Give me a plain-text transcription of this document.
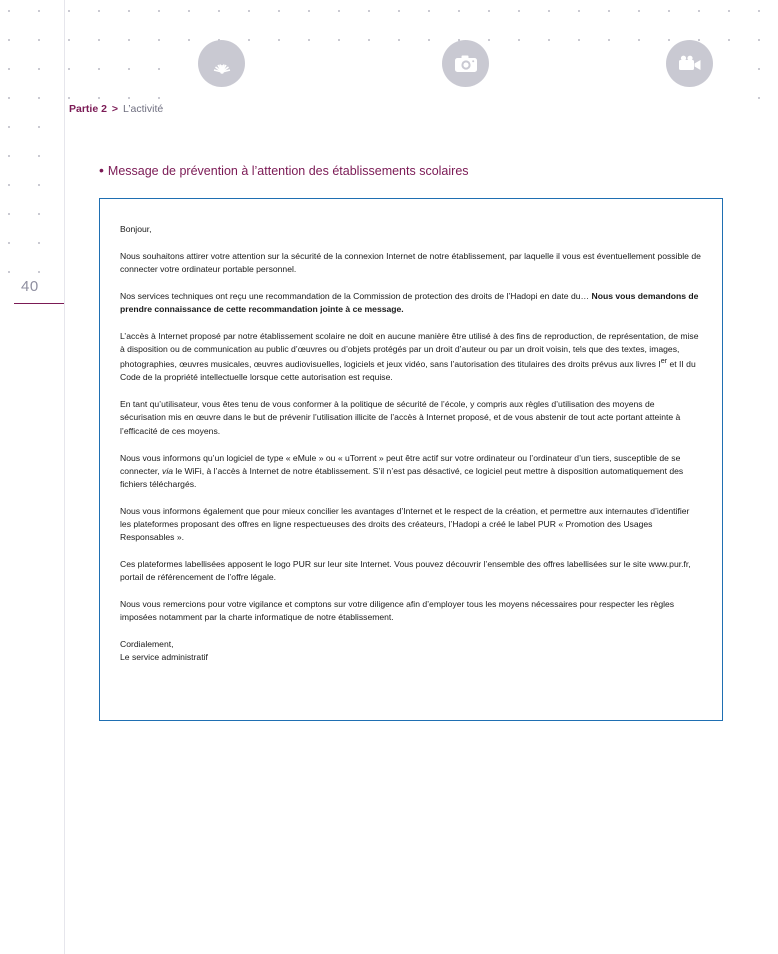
40
Partie 2 > L’activité
• Message de prévention à l’attention des établissements scolaires

Bonjour,

Nous souhaitons attirer votre attention sur la sécurité de la connexion Internet de notre établissement, par laquelle il vous est éventuellement possible de connecter votre ordinateur portable personnel.

Nos services techniques ont reçu une recommandation de la Commission de protection des droits de l’Hadopi en date du… Nous vous demandons de prendre connaissance de cette recommandation jointe à ce message.

L’accès à Internet proposé par notre établissement scolaire ne doit en aucune manière être utilisé à des fins de reproduction, de représentation, de mise à disposition ou de communication au public d’œuvres ou d’objets protégés par un droit d’auteur ou par un droit voisin, tels que des textes, images, photographies, œuvres musicales, œuvres audiovisuelles, logiciels et jeux vidéo, sans l’autorisation des titulaires des droits prévus aux livres Ier et II du Code de la propriété intellectuelle lorsque cette autorisation est requise.

En tant qu’utilisateur, vous êtes tenu de vous conformer à la politique de sécurité de l’école, y compris aux règles d’utilisation des moyens de sécurisation mis en œuvre dans le but de prévenir l’utilisation illicite de l’accès à Internet proposé, et de vous abstenir de tout acte portant atteinte à l’efficacité de ces moyens.

Nous vous informons qu’un logiciel de type « eMule » ou « uTorrent » peut être actif sur votre ordinateur ou l’ordinateur d’un tiers, susceptible de se connecter, via le WiFi, à l’accès à Internet de notre établissement. S’il n’est pas désactivé, ce logiciel peut mettre à disposition automatiquement des fichiers téléchargés.

Nous vous informons également que pour mieux concilier les avantages d’Internet et le respect de la création, et permettre aux internautes d’identifier les plateformes proposant des offres en ligne respectueuses des droits des créateurs, l’Hadopi a créé le label PUR « Promotion des Usages Responsables ».

Ces plateformes labellisées apposent le logo PUR sur leur site Internet. Vous pouvez découvrir l’ensemble des offres labellisées sur le site www.pur.fr, portail de référencement de l’offre légale.

Nous vous remercions pour votre vigilance et comptons sur votre diligence afin d’employer tous les moyens nécessaires pour respecter les règles imposées notamment par la charte informatique de notre établissement.

Cordialement,

Le service administratif
